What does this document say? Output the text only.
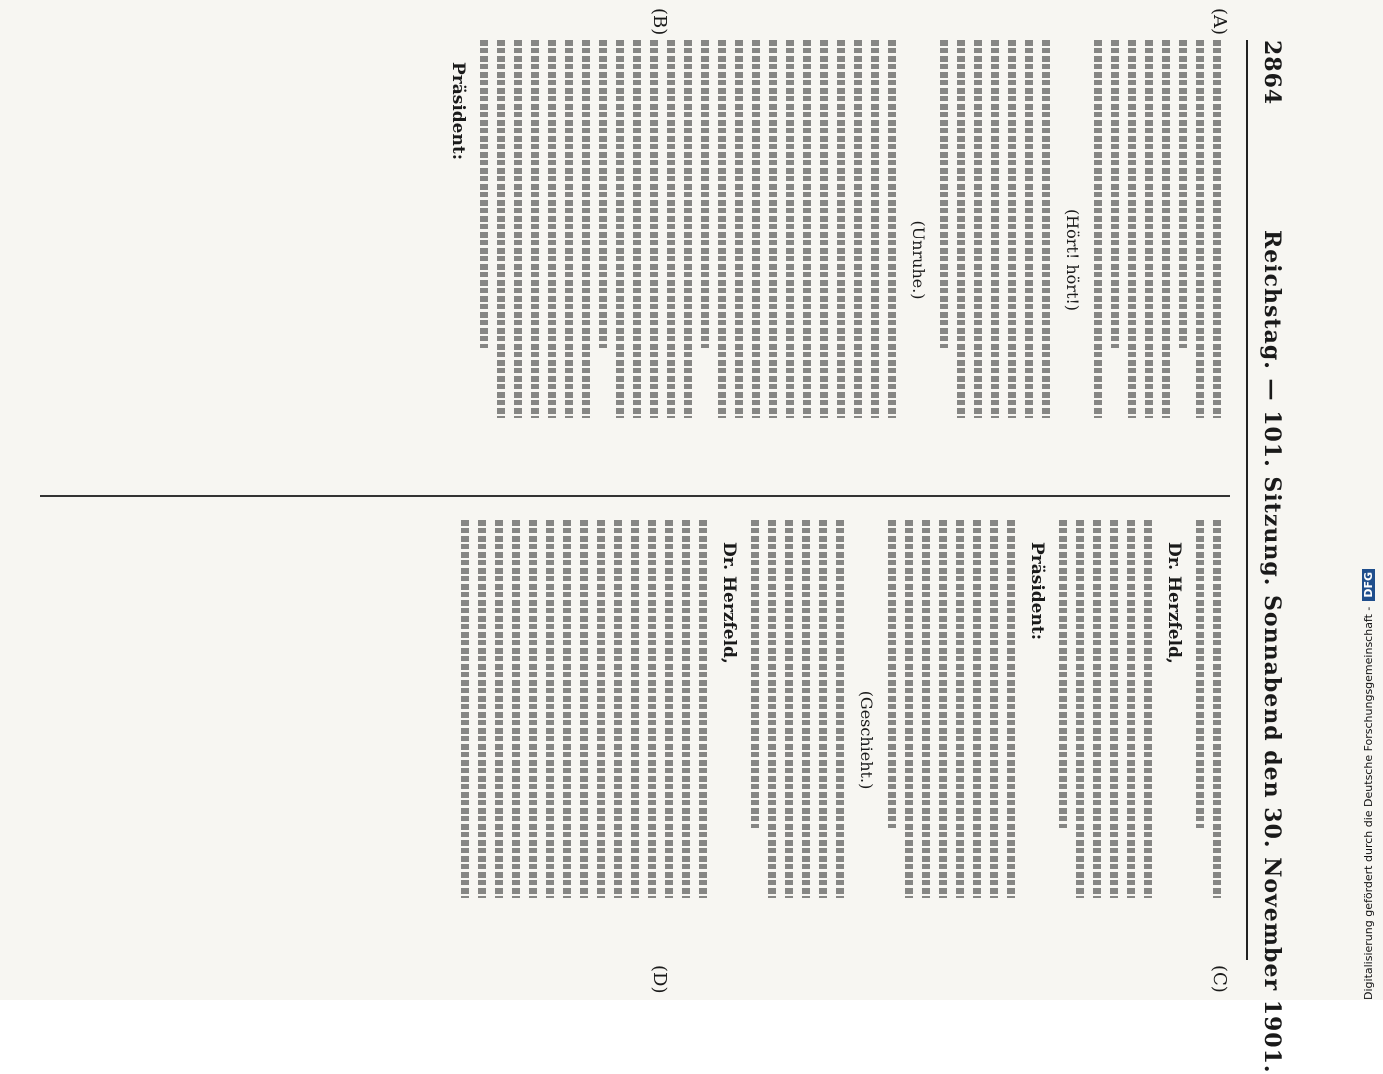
2864
Reichstag. — 101. Sitzung. Sonnabend den 30. November 1901.
(A)
(B)
(C)
(D)
(Hört! hört!)
(Unruhe.)

Präsident:

Dr. Herzfeld,

Präsident:

(Geschieht.)

Dr. Herzfeld,

Digitalisierung gefördert durch die Deutsche Forschungsgemeinschaft -DFG
